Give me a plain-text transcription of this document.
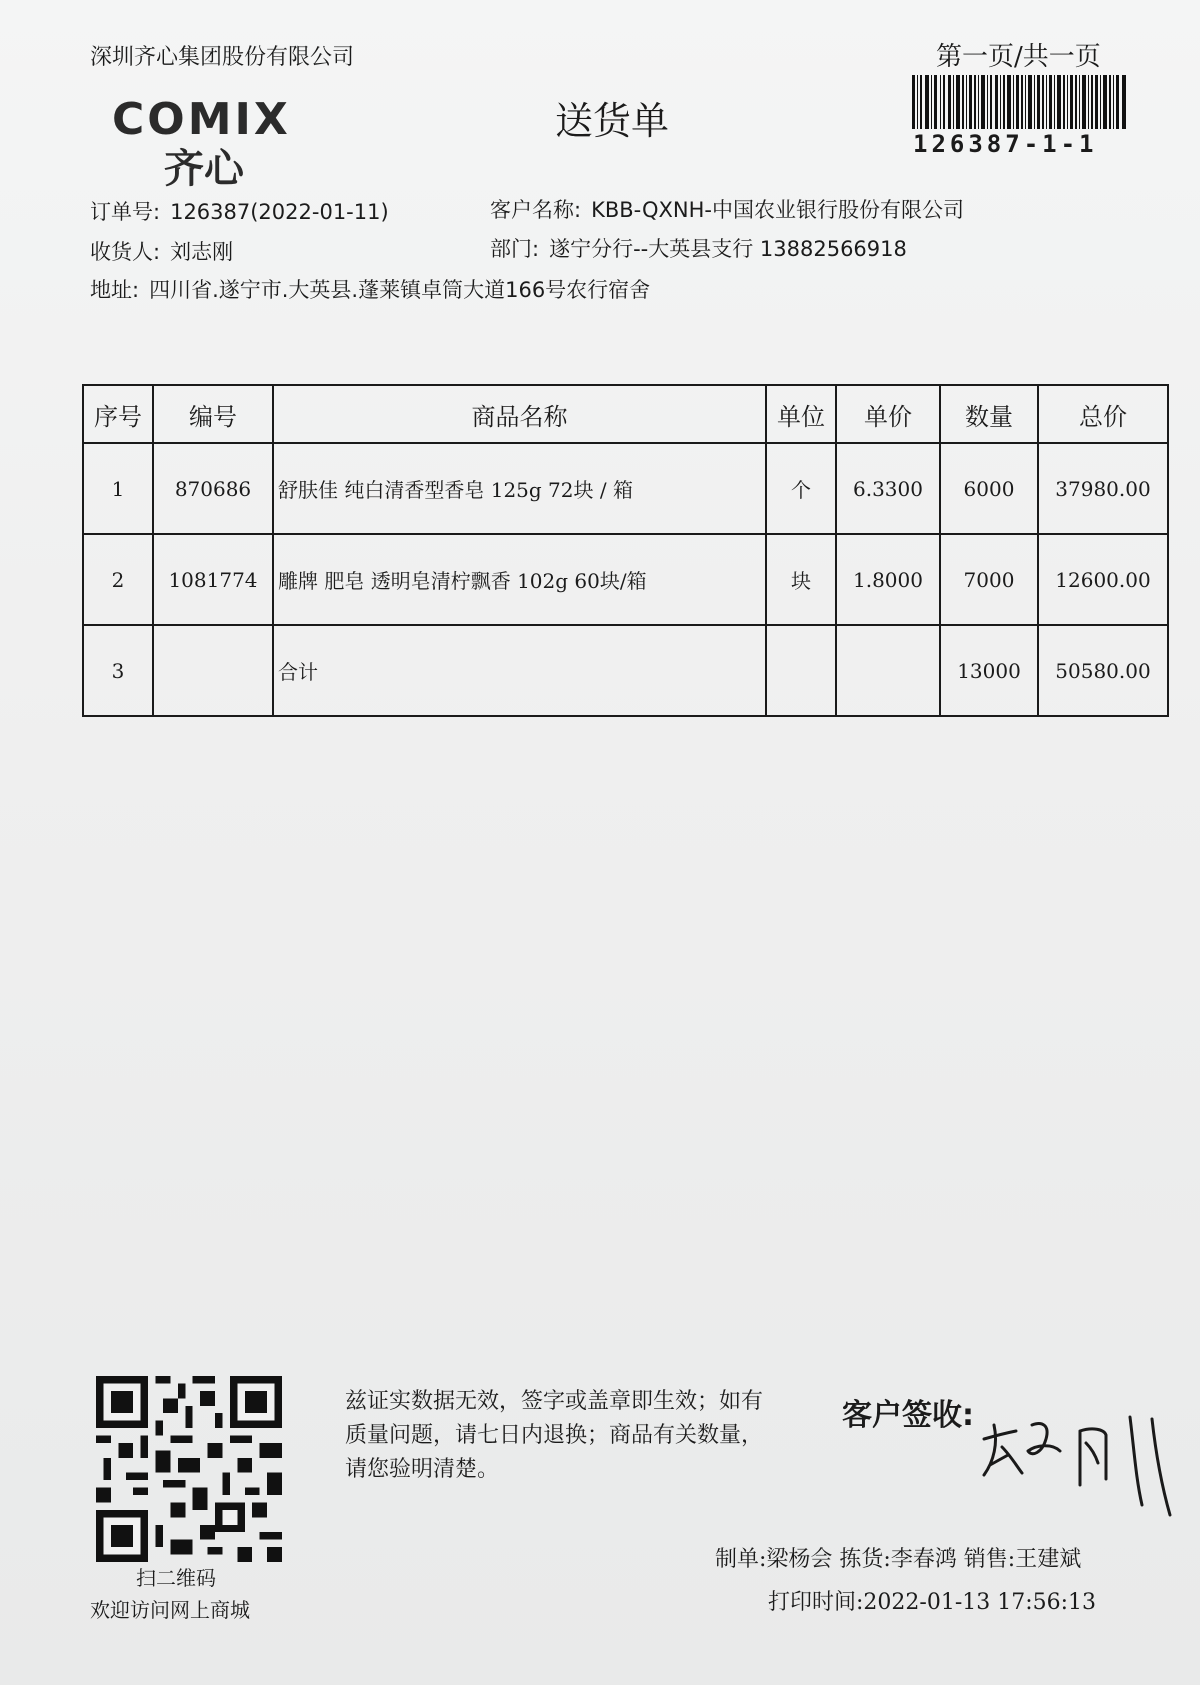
深圳齐心集团股份有限公司
COMIX
齐心
送货单
第一页/共一页
126387-1-1
订单号: 126387(2022-01-11)
收货人: 刘志刚
地址: 四川省.遂宁市.大英县.蓬莱镇卓筒大道166号农行宿舍
客户名称: KBB-QXNH-中国农业银行股份有限公司
部门: 遂宁分行--大英县支行 13882566918
序号	编号	商品名称	单位	单价	数量	总价
1	870686	舒肤佳 纯白清香型香皂 125g 72块 / 箱	个	6.3300	6000	37980.00
2	1081774	雕牌 肥皂 透明皂清柠飘香 102g 60块/箱	块	1.8000	7000	12600.00
3		合计			13000	50580.00
扫二维码
欢迎访问网上商城
兹证实数据无效，签字或盖章即生效；如有质量问题，请七日内退换；商品有关数量，请您验明清楚。
客户签收:
制单:梁杨会 拣货:李春鸿 销售:王建斌
打印时间:2022-01-13 17:56:13
